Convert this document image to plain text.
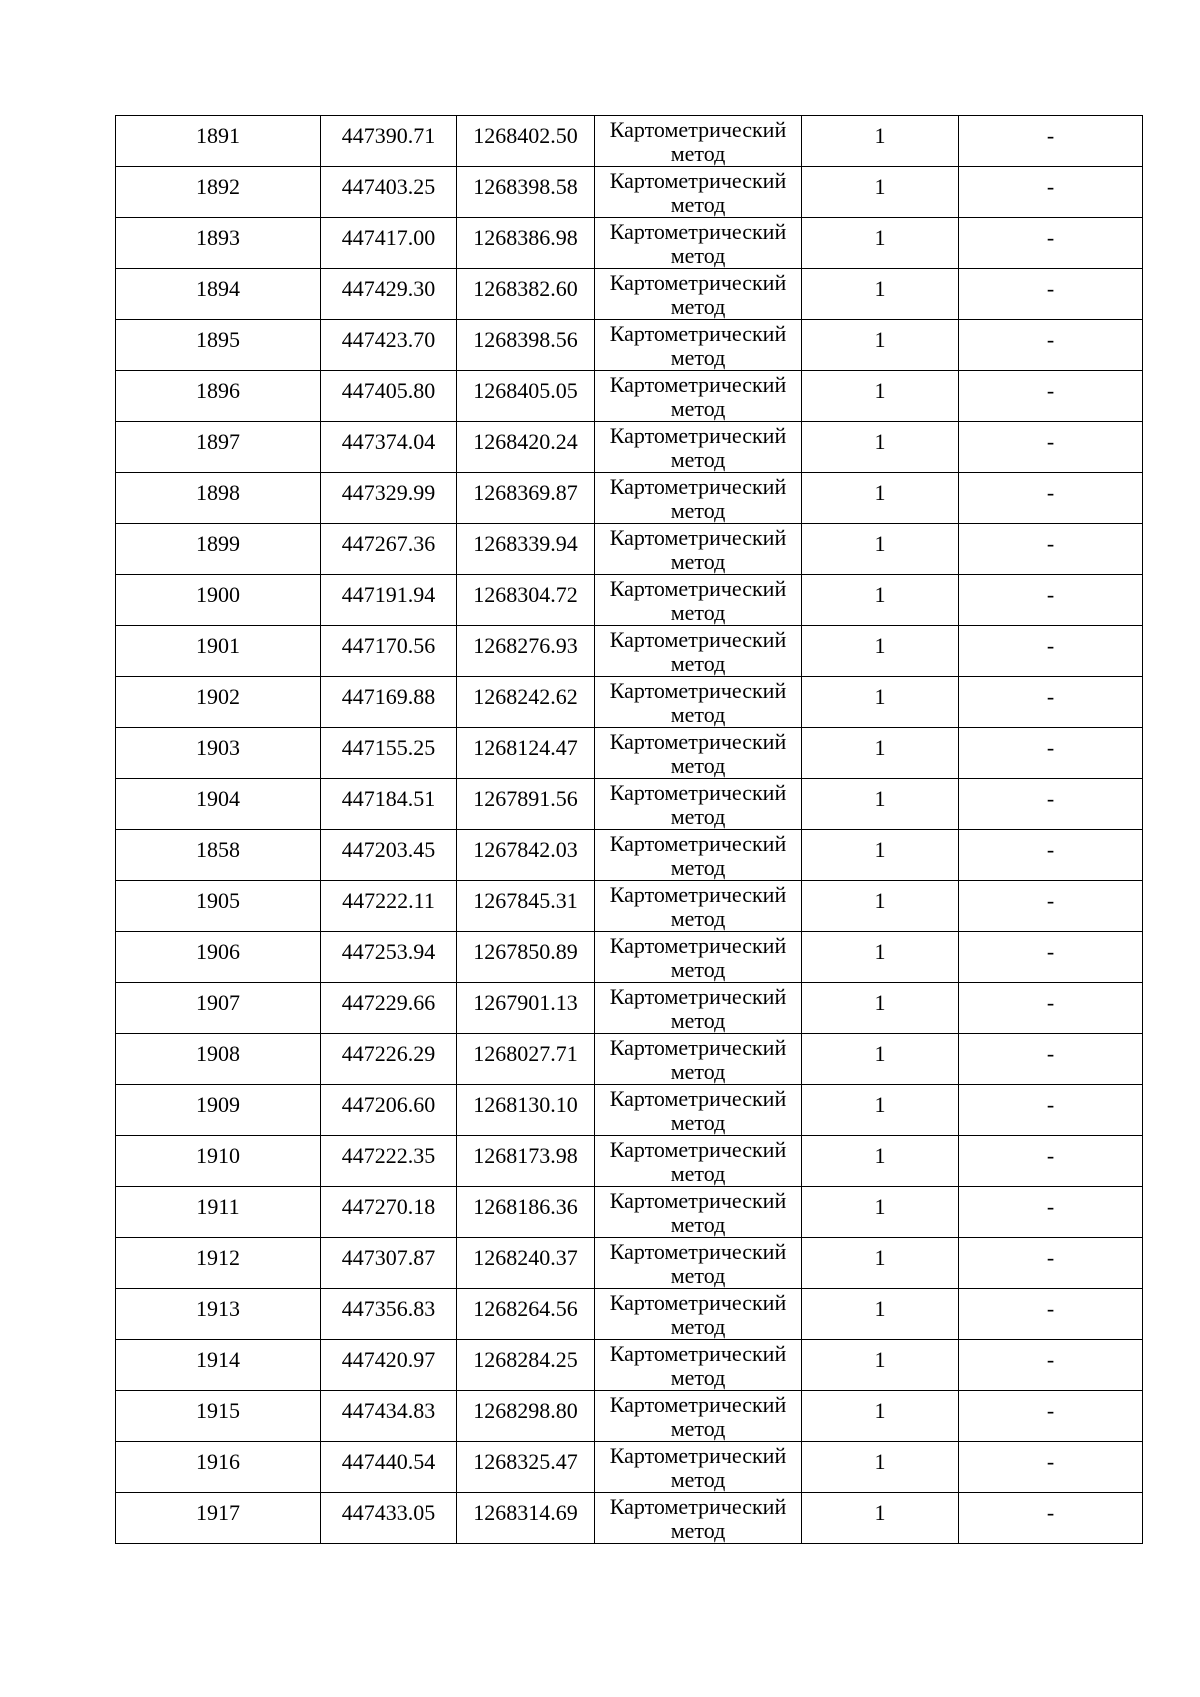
1891	447390.71	1268402.50	Картометрический
метод	1	-
1892	447403.25	1268398.58	Картометрический
метод	1	-
1893	447417.00	1268386.98	Картометрический
метод	1	-
1894	447429.30	1268382.60	Картометрический
метод	1	-
1895	447423.70	1268398.56	Картометрический
метод	1	-
1896	447405.80	1268405.05	Картометрический
метод	1	-
1897	447374.04	1268420.24	Картометрический
метод	1	-
1898	447329.99	1268369.87	Картометрический
метод	1	-
1899	447267.36	1268339.94	Картометрический
метод	1	-
1900	447191.94	1268304.72	Картометрический
метод	1	-
1901	447170.56	1268276.93	Картометрический
метод	1	-
1902	447169.88	1268242.62	Картометрический
метод	1	-
1903	447155.25	1268124.47	Картометрический
метод	1	-
1904	447184.51	1267891.56	Картометрический
метод	1	-
1858	447203.45	1267842.03	Картометрический
метод	1	-
1905	447222.11	1267845.31	Картометрический
метод	1	-
1906	447253.94	1267850.89	Картометрический
метод	1	-
1907	447229.66	1267901.13	Картометрический
метод	1	-
1908	447226.29	1268027.71	Картометрический
метод	1	-
1909	447206.60	1268130.10	Картометрический
метод	1	-
1910	447222.35	1268173.98	Картометрический
метод	1	-
1911	447270.18	1268186.36	Картометрический
метод	1	-
1912	447307.87	1268240.37	Картометрический
метод	1	-
1913	447356.83	1268264.56	Картометрический
метод	1	-
1914	447420.97	1268284.25	Картометрический
метод	1	-
1915	447434.83	1268298.80	Картометрический
метод	1	-
1916	447440.54	1268325.47	Картометрический
метод	1	-
1917	447433.05	1268314.69	Картометрический
метод	1	-
